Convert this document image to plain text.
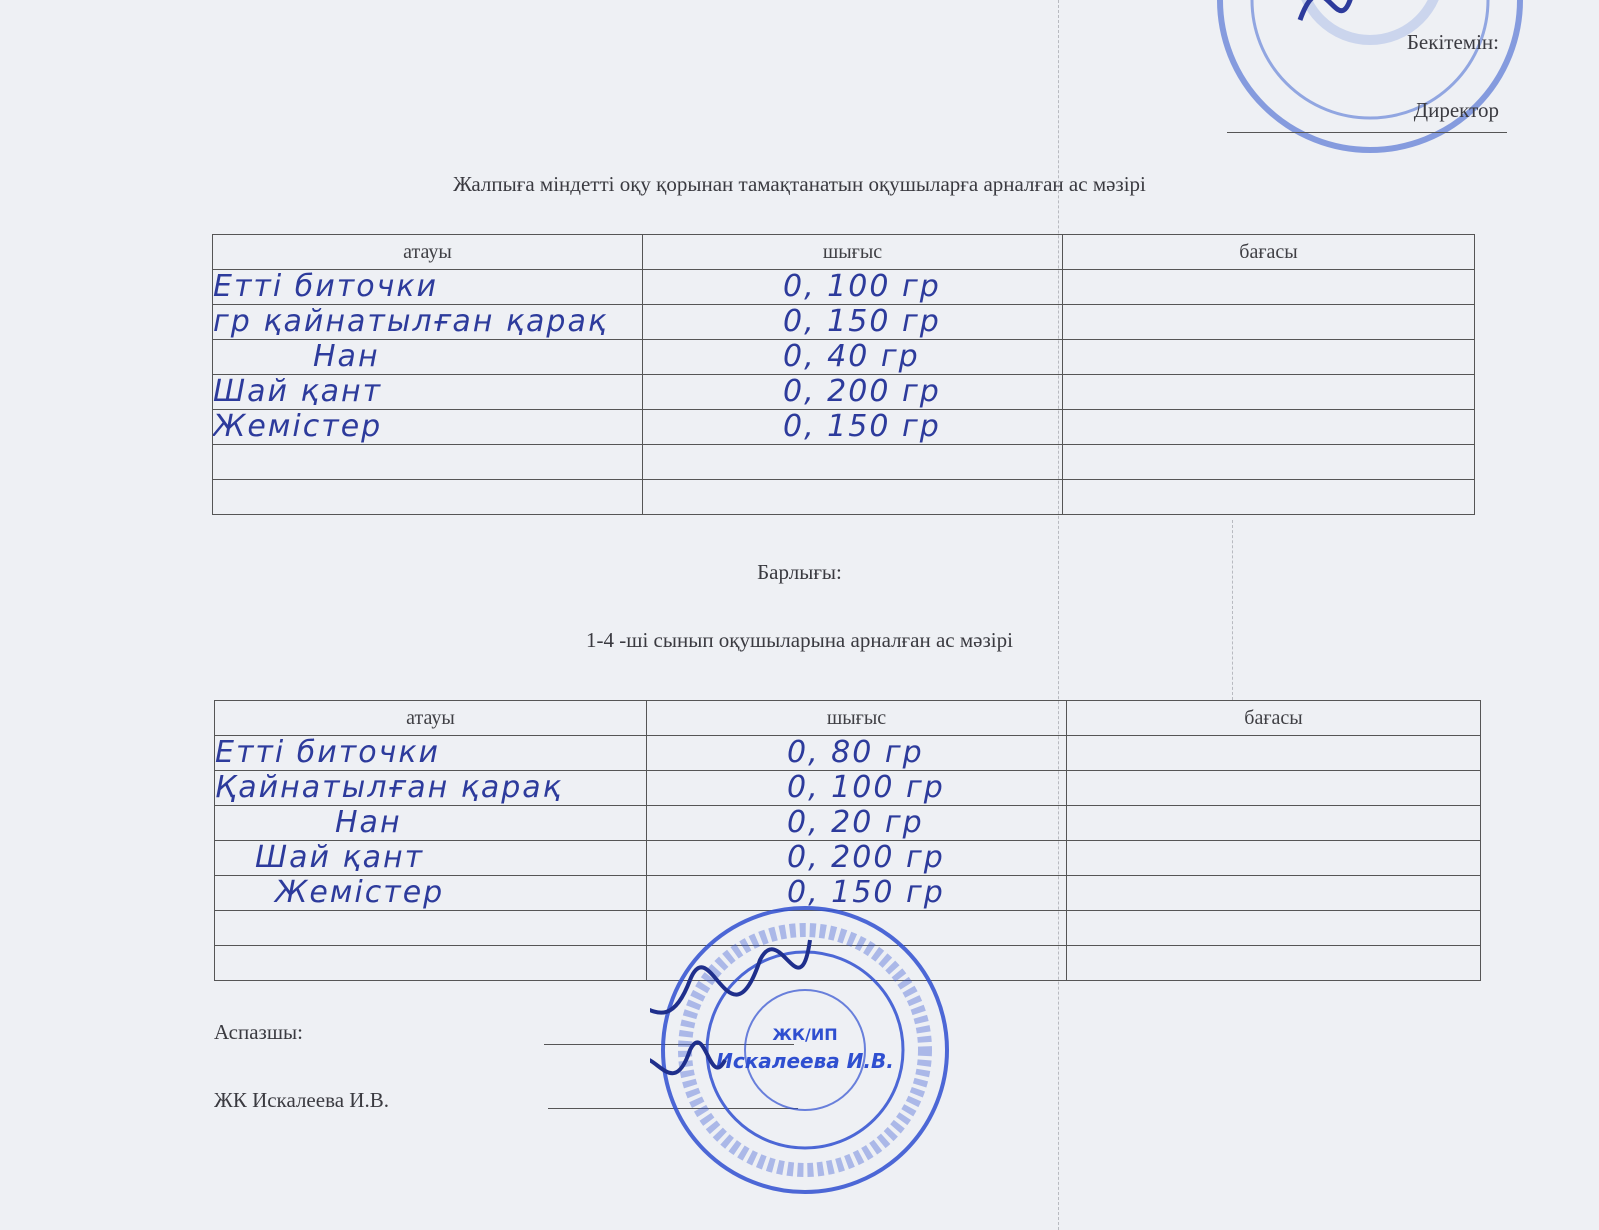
Бекітемін:
Директор
Жалпыға міндетті оқу қорынан тамақтанатын оқушыларға арналған ас мәзірі
атауы	шығыс	бағасы

Етті биточки	0, 100 гр	

гр қайнатылған қарақ	0, 150 гр	

Нан	0, 40 гр	

Шай қант	0, 200 гр	

Жемістер	0, 150 гр	

Барлығы:
1-4 -ші сынып оқушыларына арналған ас мәзірі
атауы	шығыс	бағасы

Етті биточки	0, 80 гр	

Қайнатылған қарақ	0, 100 гр	

Нан	0, 20 гр	

Шай қант	0, 200 гр	

Жемістер	0, 150 гр	

Аспазшы:
ЖК Искалеева И.В.
ЖК/ИП
Искалеева И.В.
